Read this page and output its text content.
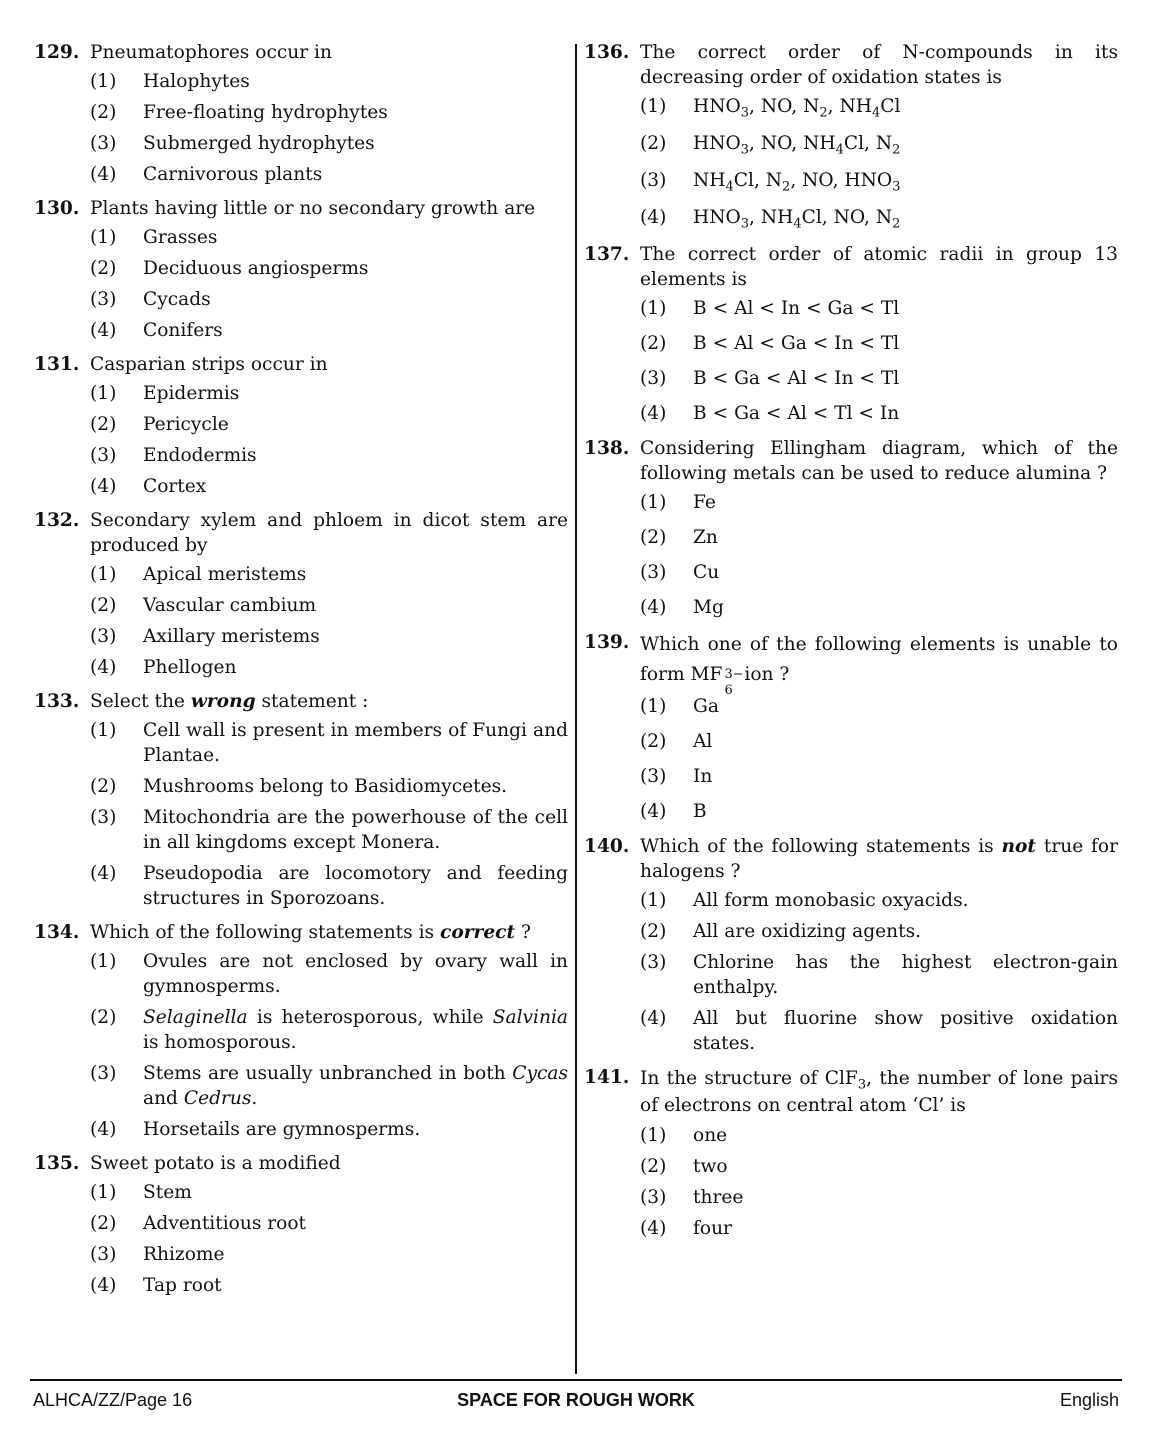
129. Pneumatophores occur in
(1) Halophytes
(2) Free-floating hydrophytes
(3) Submerged hydrophytes
(4) Carnivorous plants
130. Plants having little or no secondary growth are
(1) Grasses
(2) Deciduous angiosperms
(3) Cycads
(4) Conifers
131. Casparian strips occur in
(1) Epidermis
(2) Pericycle
(3) Endodermis
(4) Cortex
132. Secondary xylem and phloem in dicot stem are produced by
(1) Apical meristems
(2) Vascular cambium
(3) Axillary meristems
(4) Phellogen
133. Select the wrong statement :
(1) Cell wall is present in members of Fungi and Plantae.
(2) Mushrooms belong to Basidiomycetes.
(3) Mitochondria are the powerhouse of the cell in all kingdoms except Monera.
(4) Pseudopodia are locomotory and feeding structures in Sporozoans.
134. Which of the following statements is correct ?
(1) Ovules are not enclosed by ovary wall in gymnosperms.
(2) Selaginella is heterosporous, while Salvinia is homosporous.
(3) Stems are usually unbranched in both Cycas and Cedrus.
(4) Horsetails are gymnosperms.
135. Sweet potato is a modified
(1) Stem
(2) Adventitious root
(3) Rhizome
(4) Tap root
136. The correct order of N-compounds in its decreasing order of oxidation states is
(1) $HNO_3$, NO, $N_2$, $NH_4Cl$
(2) $HNO_3$, NO, $NH_4Cl$, $N_2$
(3) $NH_4Cl$, $N_2$, NO, $HNO_3$
(4) $HNO_3$, $NH_4Cl$, NO, $N_2$
137. The correct order of atomic radii in group 13 elements is
(1) B < Al < In < Ga < Tl
(2) B < Al < Ga < In < Tl
(3) B < Ga < Al < In < Tl
(4) B < Ga < Al < Tl < In
138. Considering Ellingham diagram, which of the following metals can be used to reduce alumina ?
(1) Fe
(2) Zn
(3) Cu
(4) Mg
139. Which one of the following elements is unable to form MF 3−
6
ion ?
(1) Ga
(2) Al
(3) In
(4) B
140. Which of the following statements is not true for halogens ?
(1) All form monobasic oxyacids.
(2) All are oxidizing agents.
(3) Chlorine has the highest electron-gain enthalpy.
(4) All but fluorine show positive oxidation states.
141. In the structure of ClF$_3$, the number of lone pairs of electrons on central atom ‘Cl’ is
(1) one
(2) two
(3) three
(4) four
ALHCA/ZZ/Page 16	SPACE FOR ROUGH WORK	English
